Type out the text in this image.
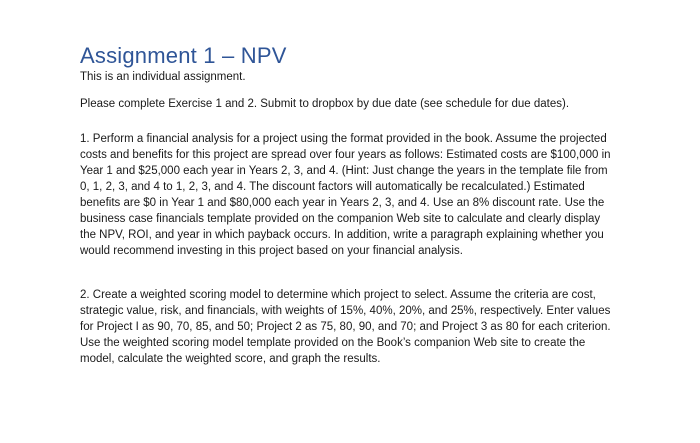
Assignment 1 – NPV
This is an individual assignment.
Please complete Exercise 1 and 2. Submit to dropbox by due date (see schedule for due dates).
1. Perform a financial analysis for a project using the format provided in the book. Assume the projected
costs and benefits for this project are spread over four years as follows: Estimated costs are $100,000 in
Year 1 and $25,000 each year in Years 2, 3, and 4. (Hint: Just change the years in the template file from
0, 1, 2, 3, and 4 to 1, 2, 3, and 4. The discount factors will automatically be recalculated.) Estimated
benefits are $0 in Year 1 and $80,000 each year in Years 2, 3, and 4. Use an 8% discount rate. Use the
business case financials template provided on the companion Web site to calculate and clearly display
the NPV, ROI, and year in which payback occurs. In addition, write a paragraph explaining whether you
would recommend investing in this project based on your financial analysis.
2. Create a weighted scoring model to determine which project to select. Assume the criteria are cost,
strategic value, risk, and financials, with weights of 15%, 40%, 20%, and 25%, respectively. Enter values
for Project I as 90, 70, 85, and 50; Project 2 as 75, 80, 90, and 70; and Project 3 as 80 for each criterion.
Use the weighted scoring model template provided on the Book’s companion Web site to create the
model, calculate the weighted score, and graph the results.
